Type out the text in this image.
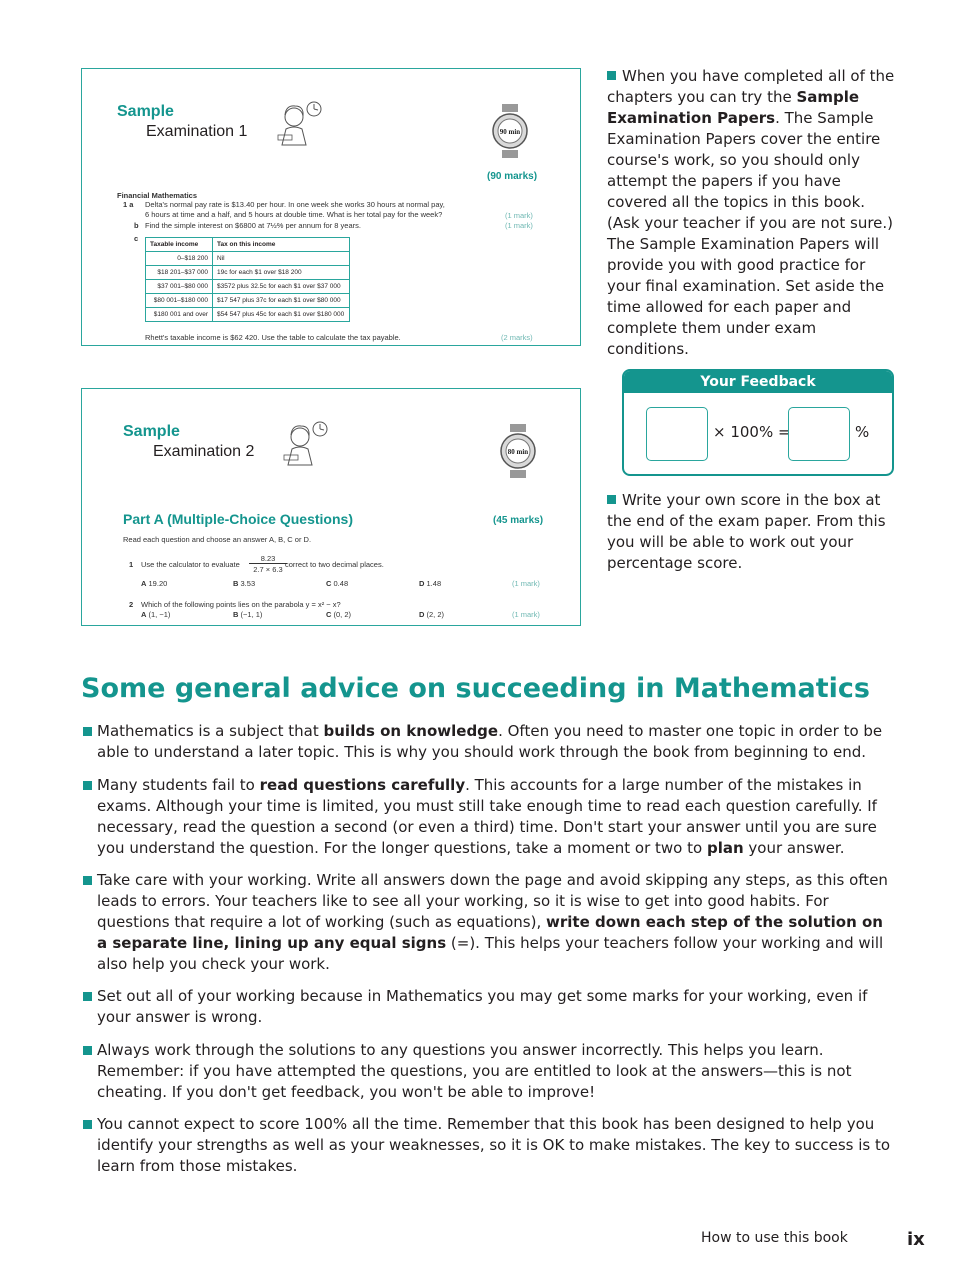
Sample
Examination 1	90 min
(90 marks)
Financial Mathematics
1 a Delta's normal pay rate is $13.40 per hour. In one week she works 30 hours at normal pay,
6 hours at time and a half, and 5 hours at double time. What is her total pay for the week?	(1 mark)
b Find the simple interest on $6800 at 7½% per annum for 8 years.	(1 mark)
c
Taxable income	Tax on this income
0–$18 200	Nil
$18 201–$37 000	19c for each $1 over $18 200
$37 001–$80 000	$3572 plus 32.5c for each $1 over $37 000
$80 001–$180 000	$17 547 plus 37c for each $1 over $80 000
$180 001 and over	$54 547 plus 45c for each $1 over $180 000
Rhett's taxable income is $62 420. Use the table to calculate the tax payable.	(2 marks)
Sample
Examination 2	80 min
Part A (Multiple-Choice Questions)	(45 marks)
Read each question and choose an answer A, B, C or D.
1 Use the calculator to evaluate
8.23
2.7 × 6.3
correct to two decimal places.
A 19.20	B 3.53	C 0.48	D 1.48	(1 mark)
2 Which of the following points lies on the parabola y = x² − x?
A (1, −1)	B (−1, 1)	C (0, 2)	D (2, 2)	(1 mark)
When you have completed all of the chapters you can try the Sample Examination Papers. The Sample Examination Papers cover the entire course's work, so you should only attempt the papers if you have covered all the topics in this book. (Ask your teacher if you are not sure.) The Sample Examination Papers will provide you with good practice for your final examination. Set aside the time allowed for each paper and complete them under exam conditions.
Your Feedback
× 100% =	%
Write your own score in the box at the end of the exam paper. From this you will be able to work out your percentage score.
Some general advice on succeeding in Mathematics
Mathematics is a subject that builds on knowledge. Often you need to master one topic in order to be able to understand a later topic. This is why you should work through the book from beginning to end.
Many students fail to read questions carefully. This accounts for a large number of the mistakes in exams. Although your time is limited, you must still take enough time to read each question carefully. If necessary, read the question a second (or even a third) time. Don't start your answer until you are sure you understand the question. For the longer questions, take a moment or two to plan your answer.
Take care with your working. Write all answers down the page and avoid skipping any steps, as this often leads to errors. Your teachers like to see all your working, so it is wise to get into good habits. For questions that require a lot of working (such as equations), write down each step of the solution on a separate line, lining up any equal signs (=). This helps your teachers follow your working and will also help you check your work.
Set out all of your working because in Mathematics you may get some marks for your working, even if your answer is wrong.
Always work through the solutions to any questions you answer incorrectly. This helps you learn. Remember: if you have attempted the questions, you are entitled to look at the answers—this is not cheating. If you don't get feedback, you won't be able to improve!
You cannot expect to score 100% all the time. Remember that this book has been designed to help you identify your strengths as well as your weaknesses, so it is OK to make mistakes. The key to success is to learn from those mistakes.
How to use this book	ix
